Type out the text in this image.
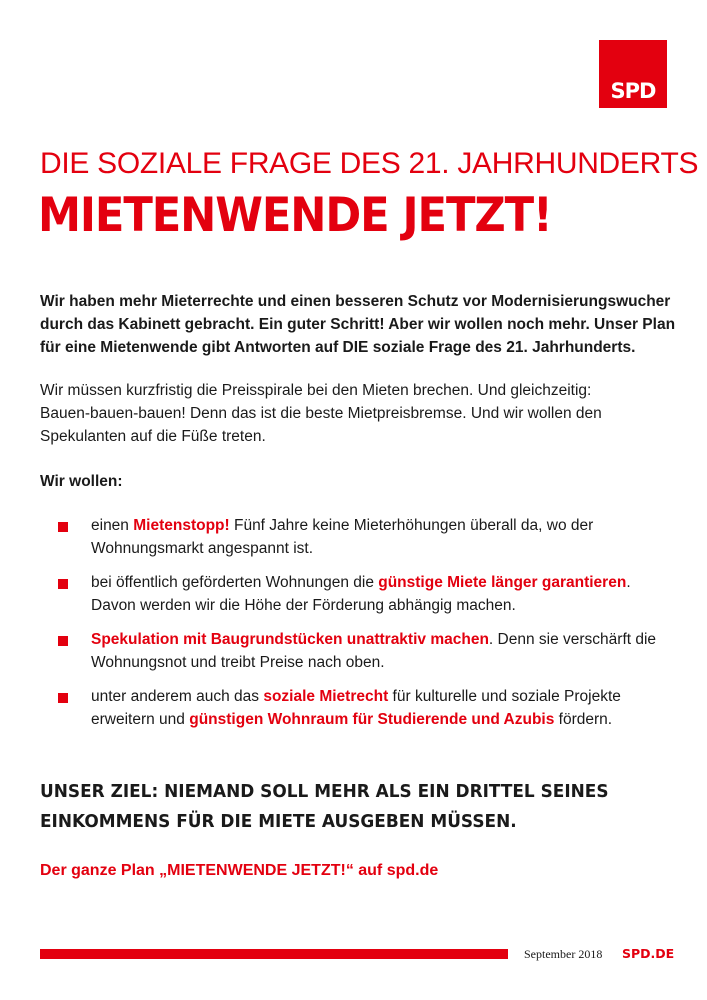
SPD
DIE SOZIALE FRAGE DES 21. JAHRHUNDERTS
MIETENWENDE JETZT!

Wir haben mehr Mieterrechte und einen besseren Schutz vor Modernisierungswucher
durch das Kabinett gebracht. Ein guter Schritt! Aber wir wollen noch mehr. Unser Plan
für eine Mietenwende gibt Antworten auf DIE soziale Frage des 21. Jahrhunderts.

Wir müssen kurzfristig die Preisspirale bei den Mieten brechen. Und gleichzeitig:
Bauen-bauen-bauen! Denn das ist die beste Mietpreisbremse. Und wir wollen den
Spekulanten auf die Füße treten.

Wir wollen:

einen Mietenstopp! Fünf Jahre keine Mieterhöhungen überall da, wo der
Wohnungsmarkt angespannt ist.
bei öffentlich geförderten Wohnungen die günstige Miete länger garantieren.
Davon werden wir die Höhe der Förderung abhängig machen.
Spekulation mit Baugrundstücken unattraktiv machen. Denn sie verschärft die
Wohnungsnot und treibt Preise nach oben.
unter anderem auch das soziale Mietrecht für kulturelle und soziale Projekte
erweitern und günstigen Wohnraum für Studierende und Azubis fördern.

UNSER ZIEL: NIEMAND SOLL MEHR ALS EIN DRITTEL SEINES
EINKOMMENS FÜR DIE MIETE AUSGEBEN MÜSSEN.

Der ganze Plan „MIETENWENDE JETZT!“ auf spd.de

September 2018 SPD.DE
